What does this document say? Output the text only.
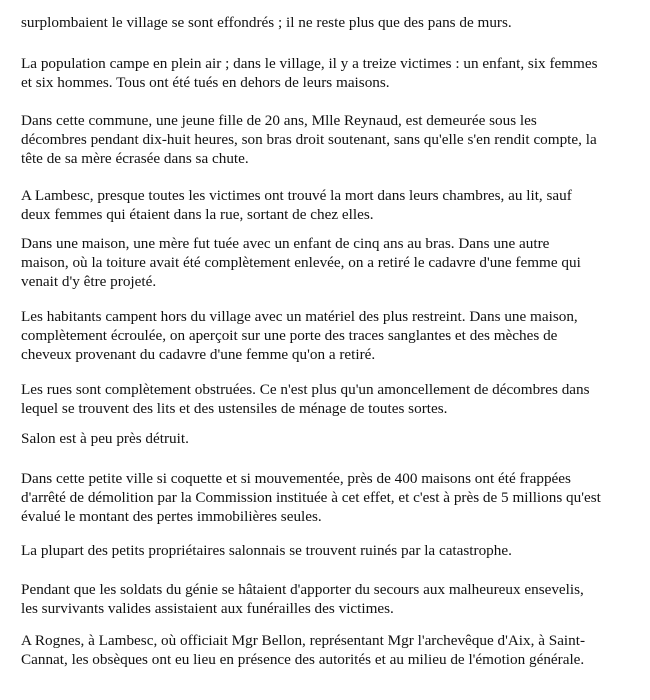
surplombaient le village se sont effondrés ; il ne reste plus que des pans de murs.

La population campe en plein air ; dans le village, il y a treize victimes : un enfant, six femmes
et six hommes. Tous ont été tués en dehors de leurs maisons.

Dans cette commune, une jeune fille de 20 ans, Mlle Reynaud, est demeurée sous les
décombres pendant dix-huit heures, son bras droit soutenant, sans qu'elle s'en rendit compte, la
tête de sa mère écrasée dans sa chute.

A Lambesc, presque toutes les victimes ont trouvé la mort dans leurs chambres, au lit, sauf
deux femmes qui étaient dans la rue, sortant de chez elles.

Dans une maison, une mère fut tuée avec un enfant de cinq ans au bras. Dans une autre
maison, où la toiture avait été complètement enlevée, on a retiré le cadavre d'une femme qui
venait d'y être projeté.

Les habitants campent hors du village avec un matériel des plus restreint. Dans une maison,
complètement écroulée, on aperçoit sur une porte des traces sanglantes et des mèches de
cheveux provenant du cadavre d'une femme qu'on a retiré.

Les rues sont complètement obstruées. Ce n'est plus qu'un amoncellement de décombres dans
lequel se trouvent des lits et des ustensiles de ménage de toutes sortes.

Salon est à peu près détruit.

Dans cette petite ville si coquette et si mouvementée, près de 400 maisons ont été frappées
d'arrêté de démolition par la Commission instituée à cet effet, et c'est à près de 5 millions qu'est
évalué le montant des pertes immobilières seules.

La plupart des petits propriétaires salonnais se trouvent ruinés par la catastrophe.

Pendant que les soldats du génie se hâtaient d'apporter du secours aux malheureux ensevelis,
les survivants valides assistaient aux funérailles des victimes.

A Rognes, à Lambesc, où officiait Mgr Bellon, représentant Mgr l'archevêque d'Aix, à Saint-
Cannat, les obsèques ont eu lieu en présence des autorités et au milieu de l'émotion générale.
